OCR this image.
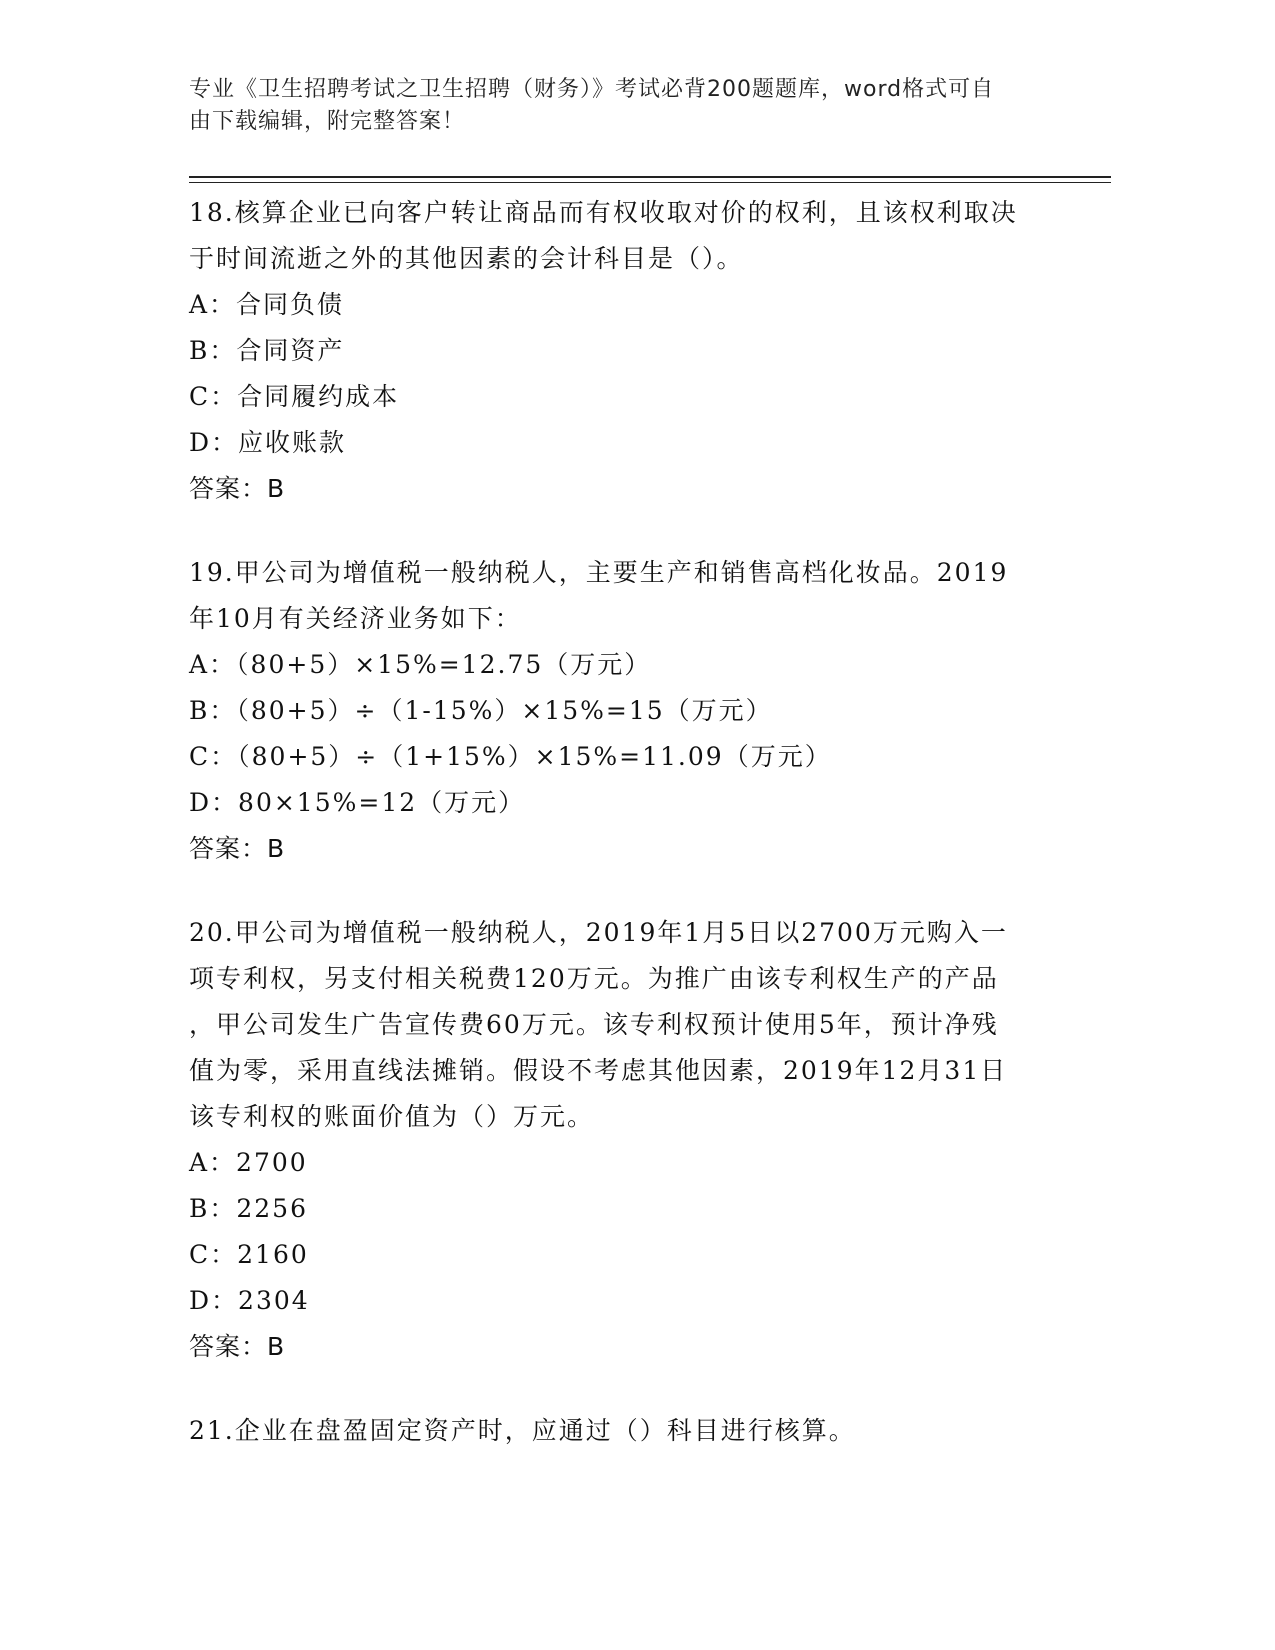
专业《卫生招聘考试之卫生招聘（财务）》考试必背200题题库，word格式可自
由下载编辑，附完整答案！
18.核算企业已向客户转让商品而有权收取对价的权利，且该权利取决
于时间流逝之外的其他因素的会计科目是（）。
A：合同负债
B：合同资产
C：合同履约成本
D：应收账款
答案：B
19.甲公司为增值税一般纳税人，主要生产和销售高档化妆品。2019
年10月有关经济业务如下：
A：（80+5）×15%=12.75（万元）
B：（80+5）÷（1-15%）×15%=15（万元）
C：（80+5）÷（1+15%）×15%=11.09（万元）
D：80×15%=12（万元）
答案：B
20.甲公司为增值税一般纳税人，2019年1月5日以2700万元购入一
项专利权，另支付相关税费120万元。为推广由该专利权生产的产品
，甲公司发生广告宣传费60万元。该专利权预计使用5年，预计净残
值为零，采用直线法摊销。假设不考虑其他因素，2019年12月31日
该专利权的账面价值为（）万元。
A：2700
B：2256
C：2160
D：2304
答案：B
21.企业在盘盈固定资产时，应通过（）科目进行核算。
